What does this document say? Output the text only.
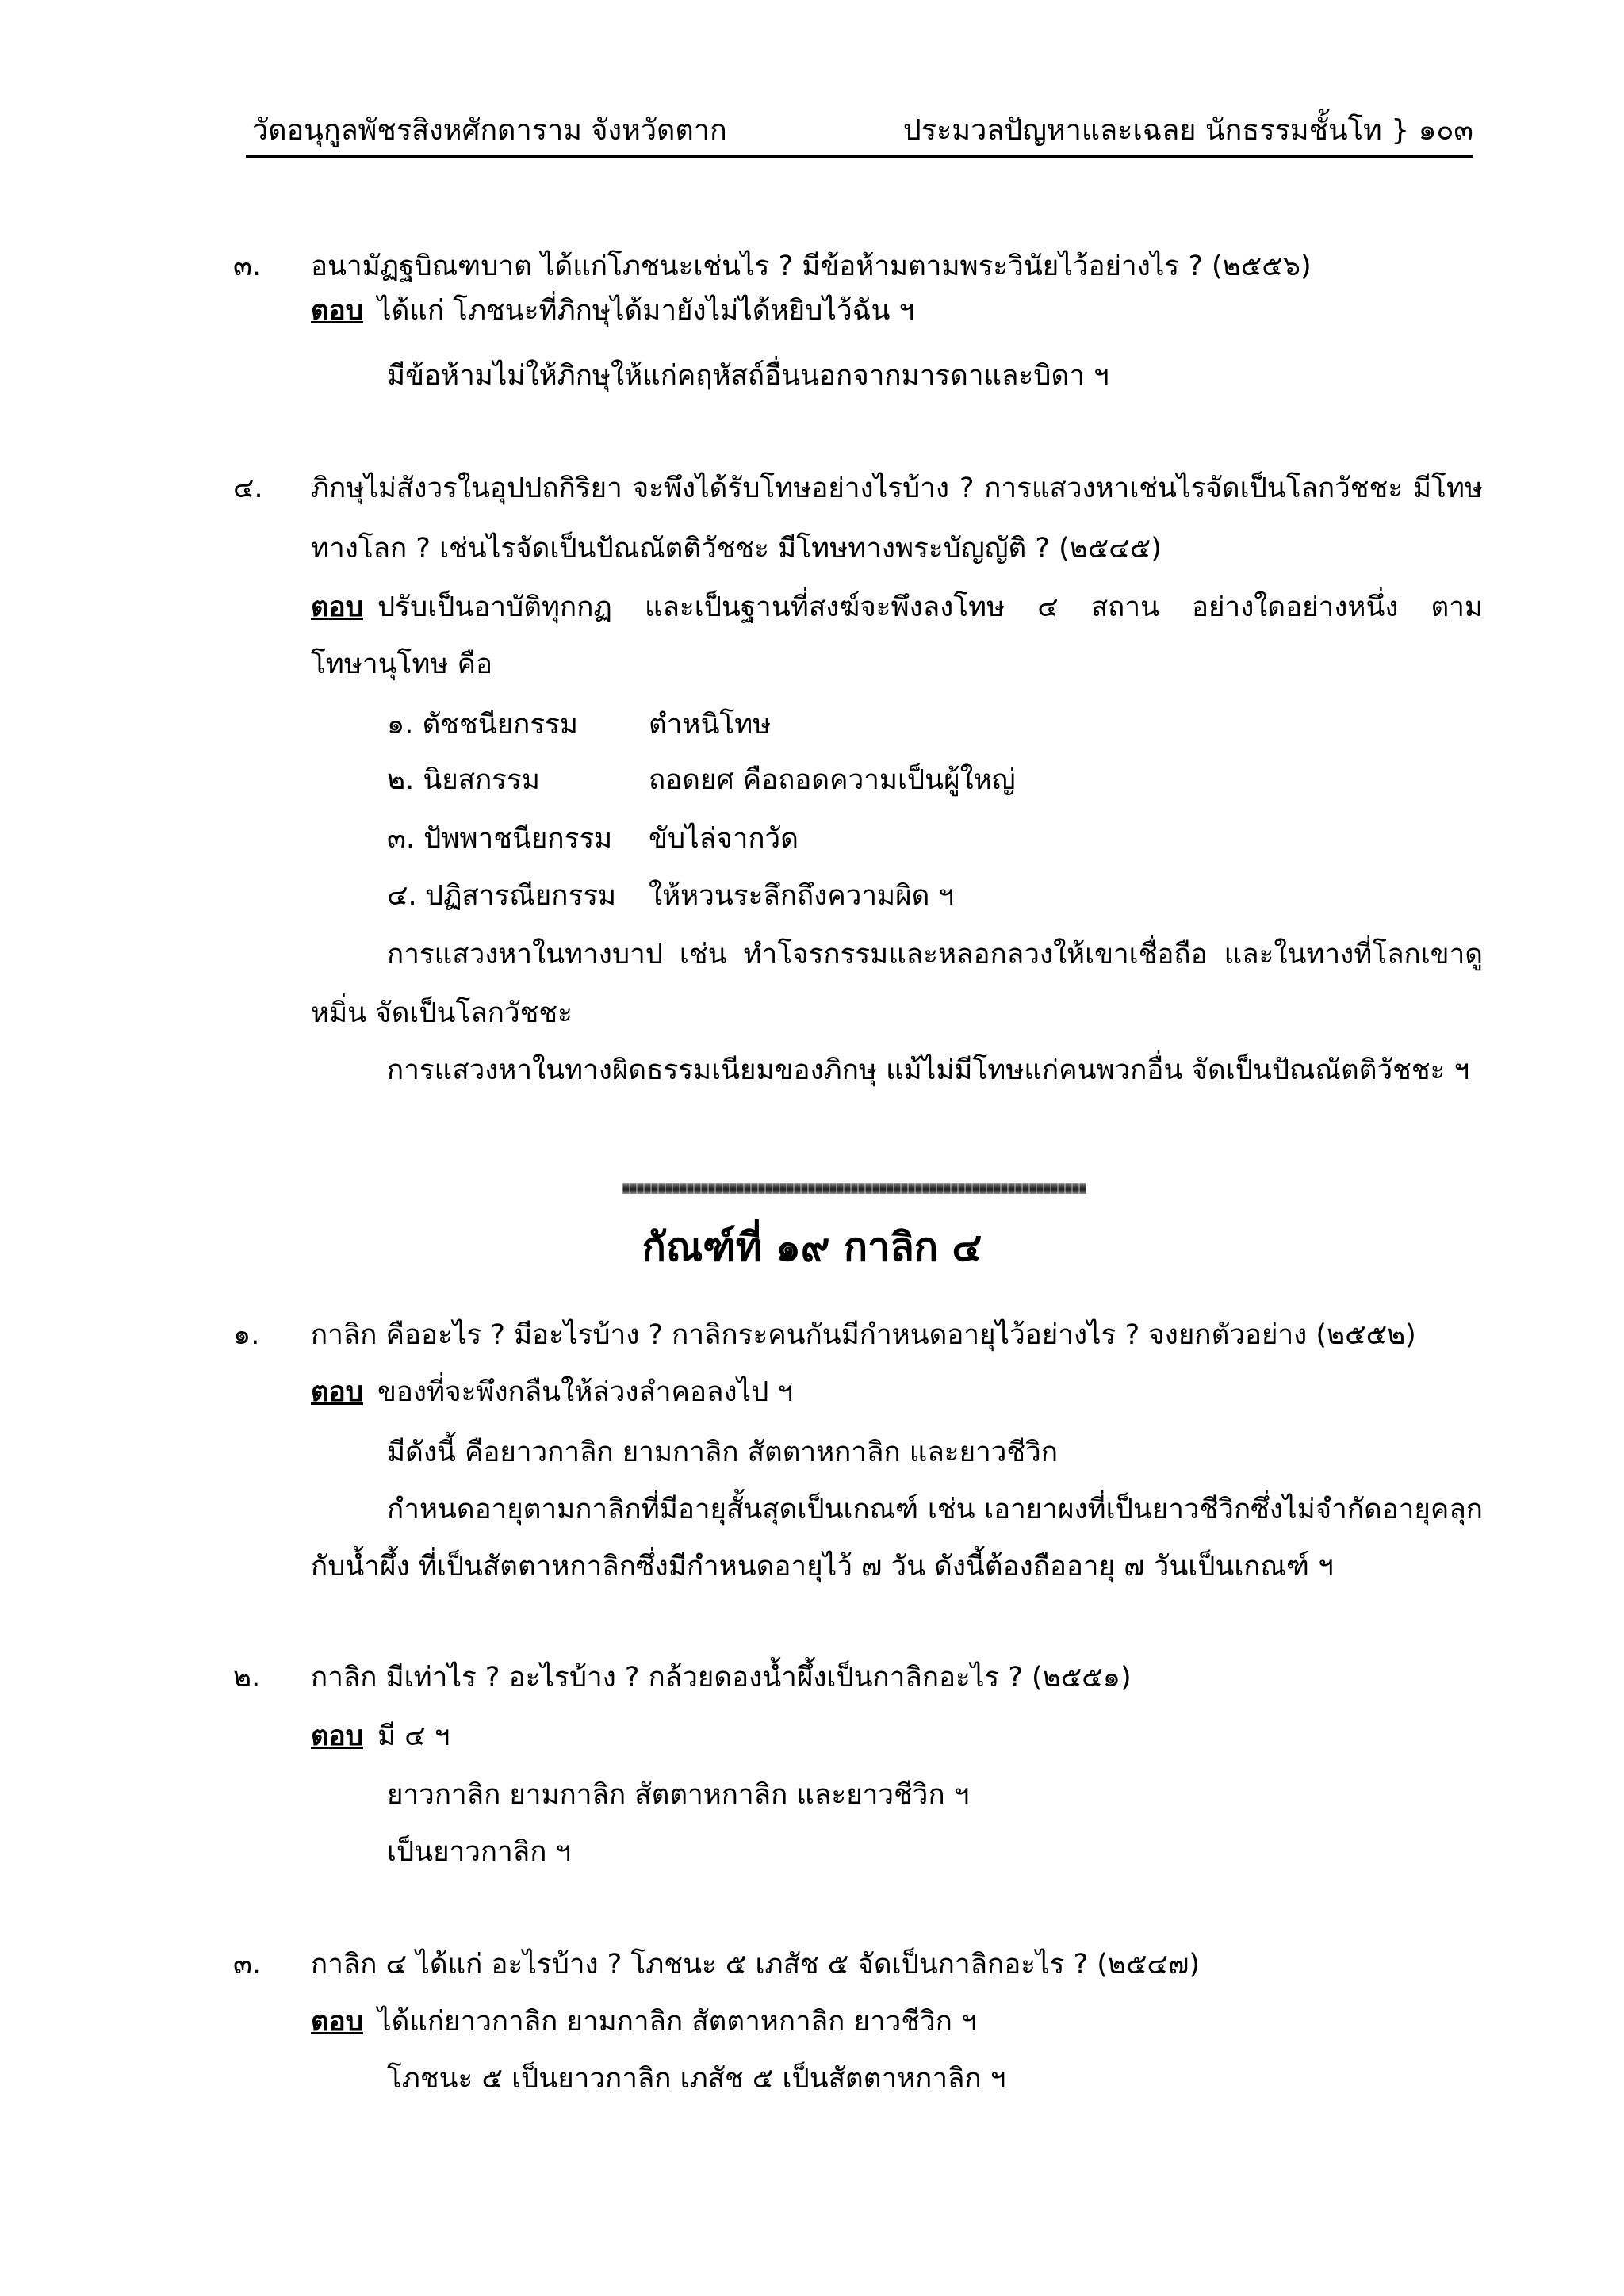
วัดอนุกูลพัชรสิงหศักดาราม จังหวัดตาก	ประมวลปัญหาและเฉลย นักธรรมชั้นโท } ๑๐๓
๓. อนามัฏฐบิณฑบาต ได้แก่โภชนะเช่นไร ? มีข้อห้ามตามพระวินัยไว้อย่างไร ? (๒๕๕๖)
ตอบ ได้แก่ โภชนะที่ภิกษุได้มายังไม่ได้หยิบไว้ฉัน ฯ
มีข้อห้ามไม่ให้ภิกษุให้แก่คฤหัสถ์อื่นนอกจากมารดาและบิดา ฯ
๔. ภิกษุไม่สังวรในอุปปถกิริยา จะพึงได้รับโทษอย่างไรบ้าง ? การแสวงหาเช่นไรจัดเป็นโลกวัชชะ มีโทษ
ทางโลก ? เช่นไรจัดเป็นปัณณัตติวัชชะ มีโทษทางพระบัญญัติ ? (๒๕๔๕)
ตอบ ปรับเป็นอาบัติทุกกฏ และเป็นฐานที่สงฆ์จะพึงลงโทษ ๔ สถาน อย่างใดอย่างหนึ่ง ตาม
โทษานุโทษ คือ
๑. ตัชชนียกรรม	ตำหนิโทษ
๒. นิยสกรรม	ถอดยศ คือถอดความเป็นผู้ใหญ่
๓. ปัพพาชนียกรรม ขับไล่จากวัด
๔. ปฏิสารณียกรรม ให้หวนระลึกถึงความผิด ฯ
การแสวงหาในทางบาป เช่น ทำโจรกรรมและหลอกลวงให้เขาเชื่อถือ และในทางที่โลกเขาดู
หมิ่น จัดเป็นโลกวัชชะ
การแสวงหาในทางผิดธรรมเนียมของภิกษุ แม้ไม่มีโทษแก่คนพวกอื่น จัดเป็นปัณณัตติวัชชะ ฯ
กัณฑ์ที่ ๑๙ กาลิก ๔
๑. กาลิก คืออะไร ? มีอะไรบ้าง ? กาลิกระคนกันมีกำหนดอายุไว้อย่างไร ? จงยกตัวอย่าง (๒๕๕๒)
ตอบ ของที่จะพึงกลืนให้ล่วงลำคอลงไป ฯ
มีดังนี้ คือยาวกาลิก ยามกาลิก สัตตาหกาลิก และยาวชีวิก
กำหนดอายุตามกาลิกที่มีอายุสั้นสุดเป็นเกณฑ์ เช่น เอายาผงที่เป็นยาวชีวิกซึ่งไม่จำกัดอายุคลุก
กับน้ำผึ้ง ที่เป็นสัตตาหกาลิกซึ่งมีกำหนดอายุไว้ ๗ วัน ดังนี้ต้องถืออายุ ๗ วันเป็นเกณฑ์ ฯ
๒. กาลิก มีเท่าไร ? อะไรบ้าง ? กล้วยดองน้ำผึ้งเป็นกาลิกอะไร ? (๒๕๕๑)
ตอบ มี ๔ ฯ
ยาวกาลิก ยามกาลิก สัตตาหกาลิก และยาวชีวิก ฯ
เป็นยาวกาลิก ฯ
๓. กาลิก ๔ ได้แก่ อะไรบ้าง ? โภชนะ ๕ เภสัช ๕ จัดเป็นกาลิกอะไร ? (๒๕๔๗)
ตอบ ได้แก่ยาวกาลิก ยามกาลิก สัตตาหกาลิก ยาวชีวิก ฯ
โภชนะ ๕ เป็นยาวกาลิก เภสัช ๕ เป็นสัตตาหกาลิก ฯ
